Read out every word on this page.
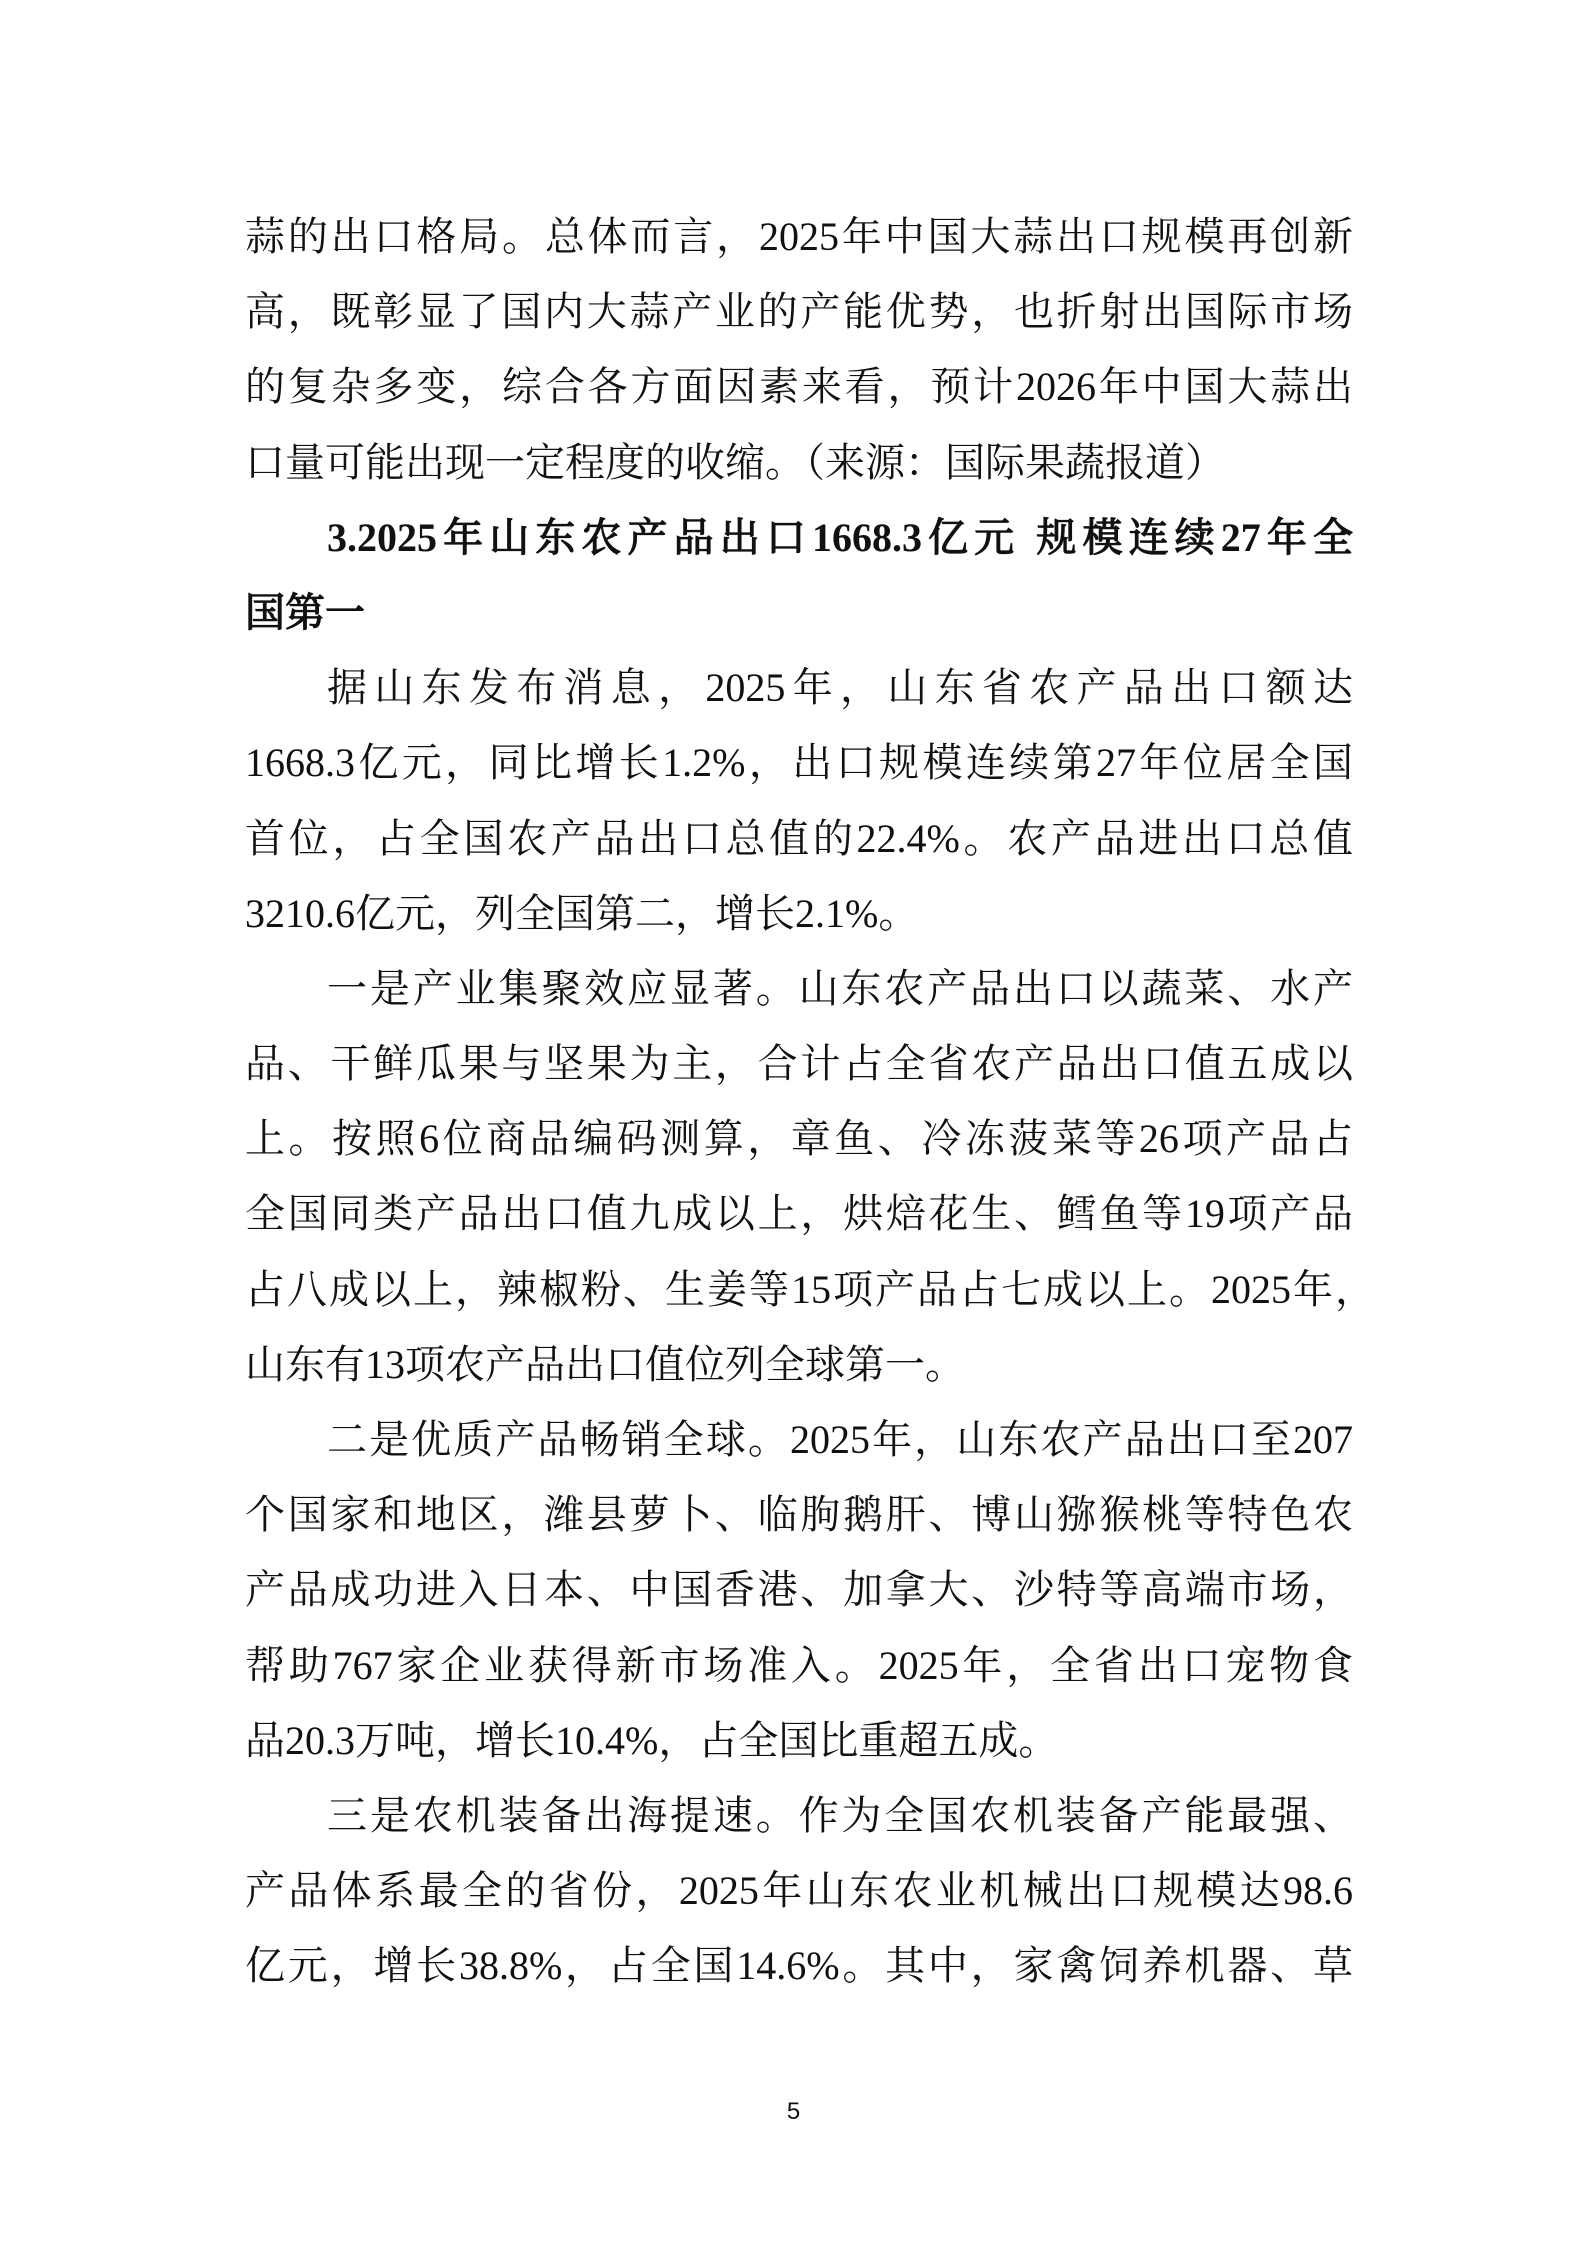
蒜的出口格局。总体而言，2025年中国大蒜出口规模再创新
高，既彰显了国内大蒜产业的产能优势，也折射出国际市场
的复杂多变，综合各方面因素来看，预计2026年中国大蒜出
口量可能出现一定程度的收缩。（来源：国际果蔬报道）
3.2025年山东农产品出口1668.3亿元 规模连续27年全
国第一
据山东发布消息，2025年，山东省农产品出口额达
1668.3亿元，同比增长1.2%，出口规模连续第27年位居全国
首位，占全国农产品出口总值的22.4%。农产品进出口总值
3210.6亿元，列全国第二，增长2.1%。
一是产业集聚效应显著。山东农产品出口以蔬菜、水产
品、干鲜瓜果与坚果为主，合计占全省农产品出口值五成以
上。按照6位商品编码测算，章鱼、冷冻菠菜等26项产品占
全国同类产品出口值九成以上，烘焙花生、鳕鱼等19项产品
占八成以上，辣椒粉、生姜等15项产品占七成以上。2025年，
山东有13项农产品出口值位列全球第一。
二是优质产品畅销全球。2025年，山东农产品出口至207
个国家和地区，潍县萝卜、临朐鹅肝、博山猕猴桃等特色农
产品成功进入日本、中国香港、加拿大、沙特等高端市场，
帮助767家企业获得新市场准入。2025年，全省出口宠物食
品20.3万吨，增长10.4%，占全国比重超五成。
三是农机装备出海提速。作为全国农机装备产能最强、
产品体系最全的省份，2025年山东农业机械出口规模达98.6
亿元，增长38.8%，占全国14.6%。其中，家禽饲养机器、草
5
